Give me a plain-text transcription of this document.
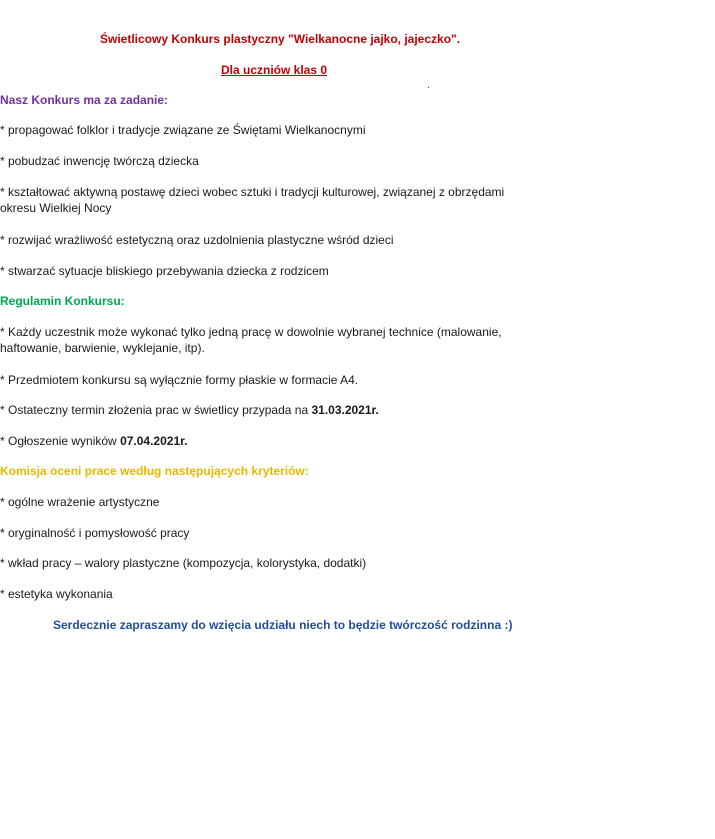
Świetlicowy Konkurs plastyczny "Wielkanocne jajko, jajeczko".
Dla uczniów klas 0
.
Nasz Konkurs ma za zadanie:
* propagować folklor i tradycje związane ze Świętami Wielkanocnymi
* pobudzać inwencję twórczą dziecka
* kształtować aktywną postawę dzieci wobec sztuki i tradycji kulturowej, związanej z obrzędami okresu Wielkiej Nocy
* rozwijać wrażliwość estetyczną oraz uzdolnienia plastyczne wśród dzieci
* stwarzać sytuacje bliskiego przebywania dziecka z rodzicem
Regulamin Konkursu:
* Każdy uczestnik może wykonać tylko jedną pracę w dowolnie wybranej technice (malowanie, haftowanie, barwienie, wyklejanie, itp).
* Przedmiotem konkursu są wyłącznie formy płaskie w formacie A4.
* Ostateczny termin złożenia prac w świetlicy przypada na 31.03.2021r.
* Ogłoszenie wyników 07.04.2021r.
Komisja oceni prace według następujących kryteriów:
* ogólne wrażenie artystyczne
* oryginalność i pomysłowość pracy
* wkład pracy – walory plastyczne (kompozycja, kolorystyka, dodatki)
* estetyka wykonania
Serdecznie zapraszamy do wzięcia udziału niech to będzie twórczość rodzinna :)
